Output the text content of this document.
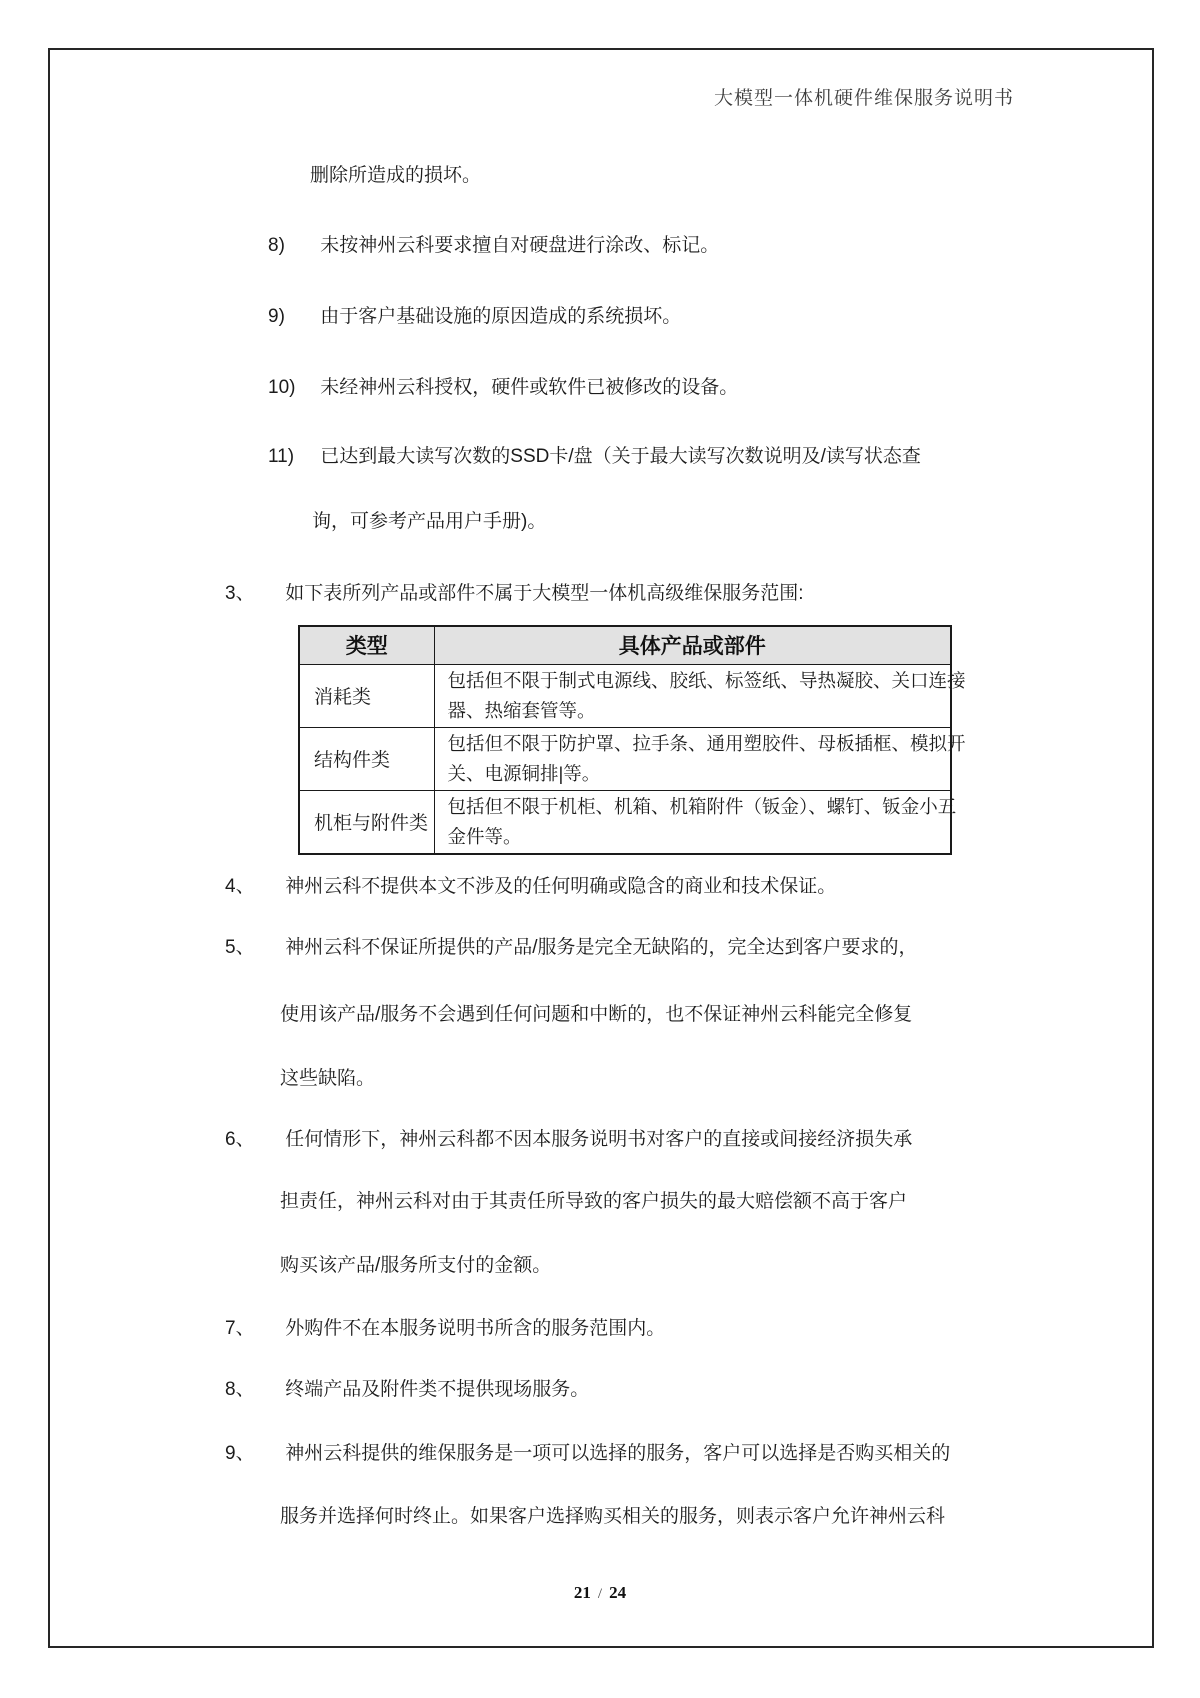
大模型一体机硬件维保服务说明书
删除所造成的损坏。
8) 未按神州云科要求擅自对硬盘进行涂改、标记。
9) 由于客户基础设施的原因造成的系统损坏。
10) 未经神州云科授权，硬件或软件已被修改的设备。
11) 已达到最大读写次数的SSD卡/盘（关于最大读写次数说明及/读写状态查
询，可参考产品用户手册)。
3、 如下表所列产品或部件不属于大模型一体机高级维保服务范围:
类型	具体产品或部件
消耗类	包括但不限于制式电源线、胶纸、标签纸、导热凝胶、关口连接
器、热缩套管等。

结构件类	包括但不限于防护罩、拉手条、通用塑胶件、母板插框、模拟开
关、电源铜排|等。

机柜与附件类	包括但不限于机柜、机箱、机箱附件（钣金）、螺钉、钣金小五
金件等。
4、 神州云科不提供本文不涉及的任何明确或隐含的商业和技术保证。
5、 神州云科不保证所提供的产品/服务是完全无缺陷的，完全达到客户要求的，
使用该产品/服务不会遇到任何问题和中断的，也不保证神州云科能完全修复
这些缺陷。
6、 任何情形下，神州云科都不因本服务说明书对客户的直接或间接经济损失承
担责任，神州云科对由于其责任所导致的客户损失的最大赔偿额不高于客户
购买该产品/服务所支付的金额。
7、 外购件不在本服务说明书所含的服务范围内。
8、 终端产品及附件类不提供现场服务。
9、 神州云科提供的维保服务是一项可以选择的服务，客户可以选择是否购买相关的
服务并选择何时终止。如果客户选择购买相关的服务，则表示客户允许神州云科
21 / 24
